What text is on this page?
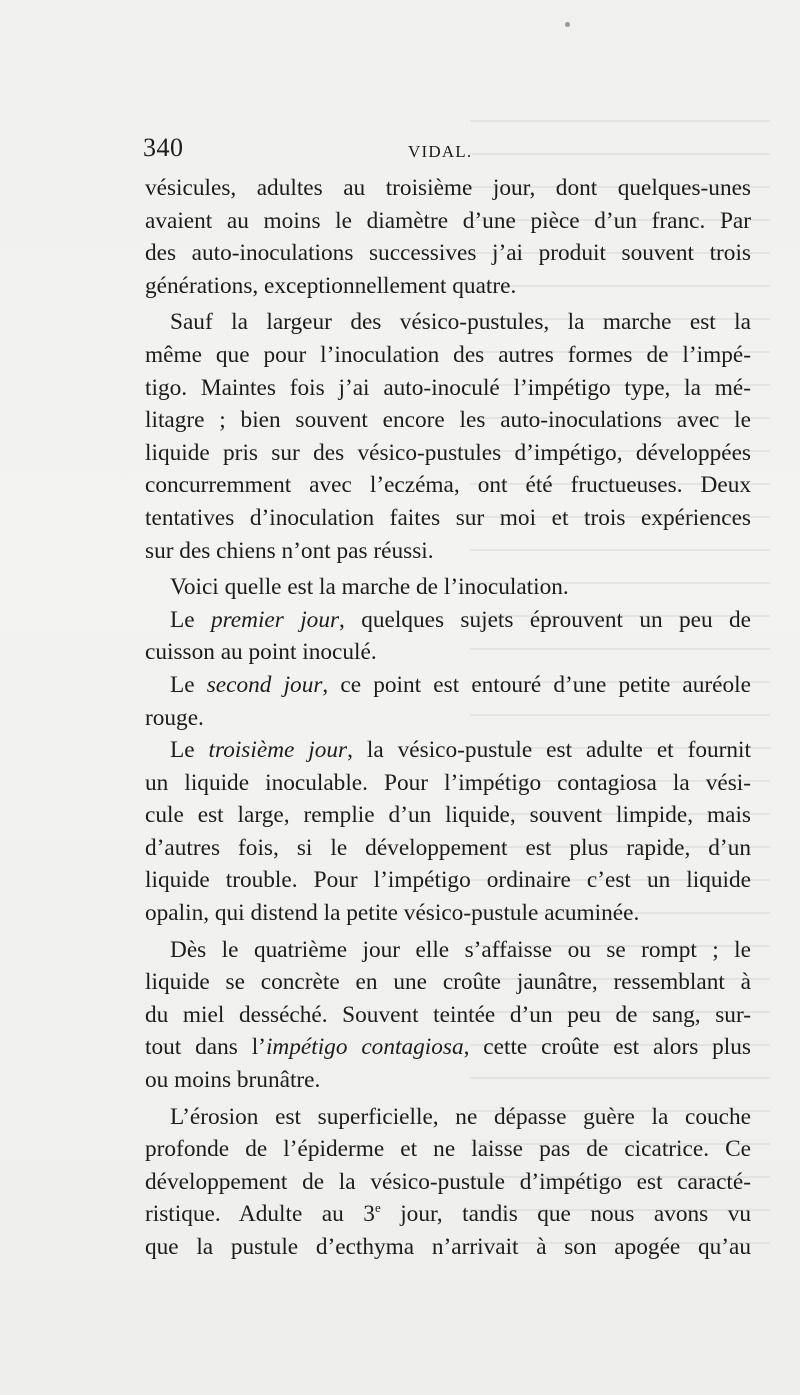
340	VIDAL.

vésicules, adultes au troisième jour, dont quelques-unes

avaient au moins le diamètre d’une pièce d’un franc. Par

des auto-inoculations successives j’ai produit souvent trois

générations, exceptionnellement quatre.

Sauf la largeur des vésico-pustules, la marche est la

même que pour l’inoculation des autres formes de l’impé-

tigo. Maintes fois j’ai auto-inoculé l’impétigo type, la mé-

litagre ; bien souvent encore les auto-inoculations avec le

liquide pris sur des vésico-pustules d’impétigo, développées

concurremment avec l’eczéma, ont été fructueuses. Deux

tentatives d’inoculation faites sur moi et trois expériences

sur des chiens n’ont pas réussi.

Voici quelle est la marche de l’inoculation.

Le premier jour, quelques sujets éprouvent un peu de

cuisson au point inoculé.

Le second jour, ce point est entouré d’une petite auréole

rouge.

Le troisième jour, la vésico-pustule est adulte et fournit

un liquide inoculable. Pour l’impétigo contagiosa la vési-

cule est large, remplie d’un liquide, souvent limpide, mais

d’autres fois, si le développement est plus rapide, d’un

liquide trouble. Pour l’impétigo ordinaire c’est un liquide

opalin, qui distend la petite vésico-pustule acuminée.

Dès le quatrième jour elle s’affaisse ou se rompt ; le

liquide se concrète en une croûte jaunâtre, ressemblant à

du miel desséché. Souvent teintée d’un peu de sang, sur-

tout dans l’impétigo contagiosa, cette croûte est alors plus

ou moins brunâtre.

L’érosion est superficielle, ne dépasse guère la couche

profonde de l’épiderme et ne laisse pas de cicatrice. Ce

développement de la vésico-pustule d’impétigo est caracté-

ristique. Adulte au 3e jour, tandis que nous avons vu

que la pustule d’ecthyma n’arrivait à son apogée qu’au
